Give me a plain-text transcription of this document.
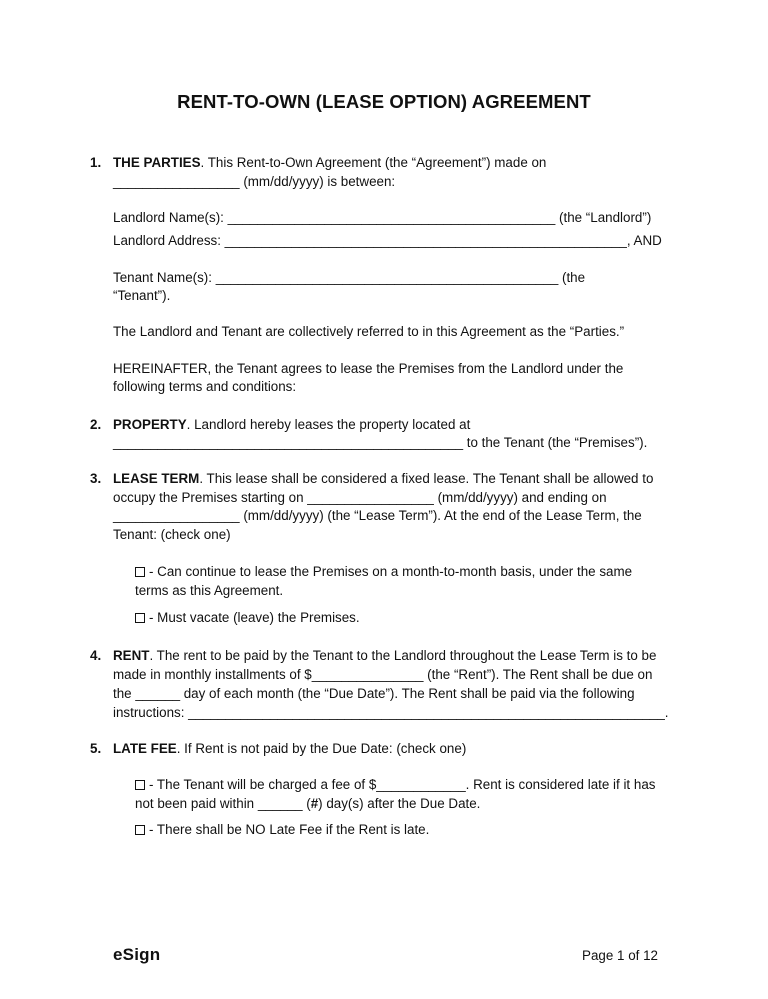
RENT-TO-OWN (LEASE OPTION) AGREEMENT
1. THE PARTIES. This Rent-to-Own Agreement (the “Agreement”) made on
_________________ (mm/dd/yyyy) is between:
Landlord Name(s): ____________________________________________ (the “Landlord”)
Landlord Address: ______________________________________________________, AND
Tenant Name(s): ______________________________________________ (the
“Tenant”).
The Landlord and Tenant are collectively referred to in this Agreement as the “Parties.”
HEREINAFTER, the Tenant agrees to lease the Premises from the Landlord under the
following terms and conditions:
2. PROPERTY. Landlord hereby leases the property located at
_______________________________________________ to the Tenant (the “Premises”).
3. LEASE TERM. This lease shall be considered a fixed lease. The Tenant shall be allowed to
occupy the Premises starting on _________________ (mm/dd/yyyy) and ending on
_________________ (mm/dd/yyyy) (the “Lease Term”). At the end of the Lease Term, the
Tenant: (check one)
- Can continue to lease the Premises on a month-to-month basis, under the same
terms as this Agreement.
- Must vacate (leave) the Premises.
4. RENT. The rent to be paid by the Tenant to the Landlord throughout the Lease Term is to be
made in monthly installments of $_______________ (the “Rent”). The Rent shall be due on
the ______ day of each month (the “Due Date”). The Rent shall be paid via the following
instructions: ________________________________________________________________.
5. LATE FEE. If Rent is not paid by the Due Date: (check one)
- The Tenant will be charged a fee of $____________. Rent is considered late if it has
not been paid within ______ (#) day(s) after the Due Date.
- There shall be NO Late Fee if the Rent is late.
eSign	Page 1 of 12
